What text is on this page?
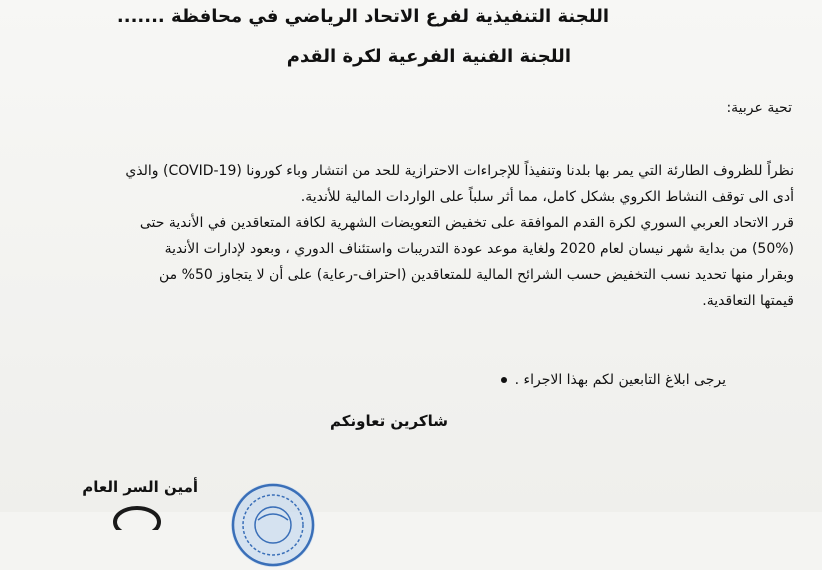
اللجنة التنفيذية لفرع الاتحاد الرياضي في محافظة .......
اللجنة الفنية الفرعية لكرة القدم
تحية عربية:
نظراً للظروف الطارئة التي يمر بها بلدنا وتنفيذاً للإجراءات الاحترازية للحد من انتشار وباء كورونا (COVID-19) والذي
أدى الى توقف النشاط الكروي بشكل كامل، مما أثر سلباً على الواردات المالية للأندية.
قرر الاتحاد العربي السوري لكرة القدم الموافقة على تخفيض التعويضات الشهرية لكافة المتعاقدين في الأندية حتى
(50%) من بداية شهر نيسان لعام 2020 ولغاية موعد عودة التدريبات واستئناف الدوري ، وبعود لإدارات الأندية
وبقرار منها تحديد نسب التخفيض حسب الشرائح المالية للمتعاقدين (احتراف-رعاية) على أن لا يتجاوز 50% من
قيمتها التعاقدية.
يرجى ابلاغ التابعين لكم بهذا الاجراء .
شاكرين تعاونكم
أمين السر العام
